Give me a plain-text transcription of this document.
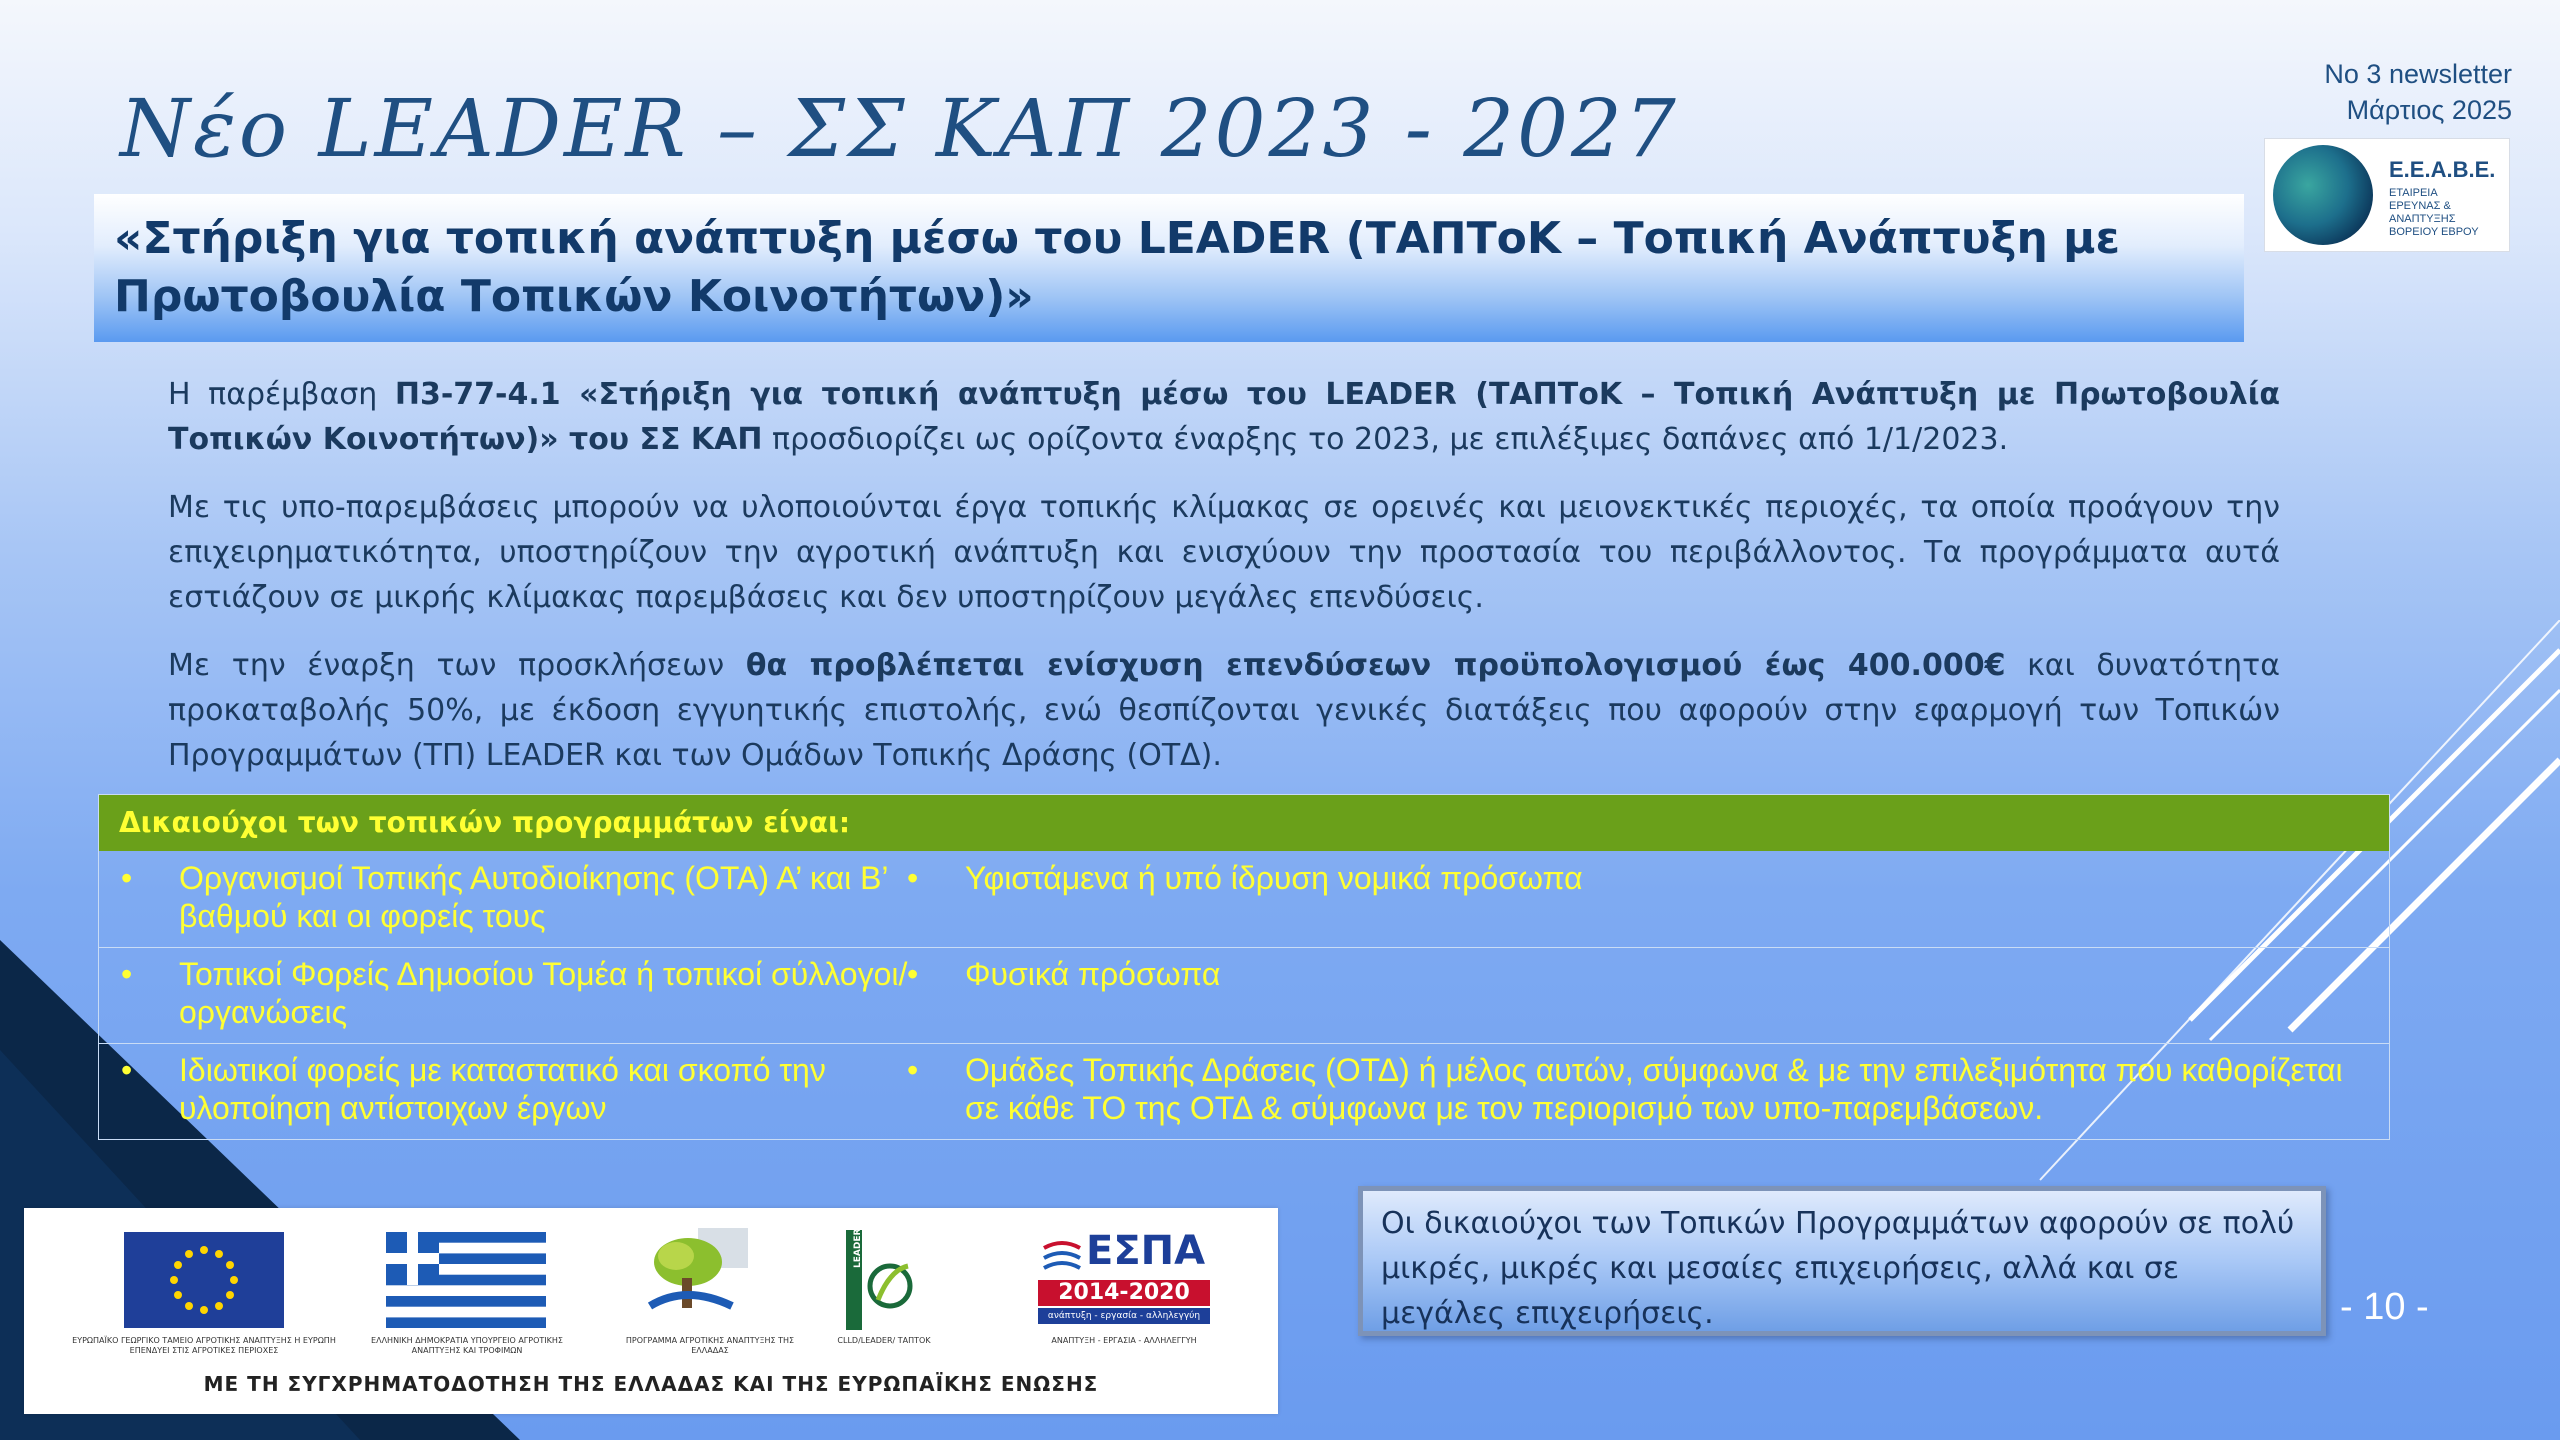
Νέο LEADER – ΣΣ ΚΑΠ 2023 - 2027
Νο 3 newsletter
Μάρτιος 2025
Ε.Ε.Α.Β.Ε.
ΕΤΑΙΡΕΙΑ
ΕΡΕΥΝΑΣ &
ΑΝΑΠΤΥΞΗΣ
ΒΟΡΕΙΟΥ ΕΒΡΟΥ

«Στήριξη για τοπική ανάπτυξη μέσω του LEADER (ΤΑΠΤοΚ – Τοπική Ανάπτυξη με Πρωτοβουλία Τοπικών Κοινοτήτων)»

Η παρέμβαση Π3-77-4.1 «Στήριξη για τοπική ανάπτυξη μέσω του LEADER (ΤΑΠΤοΚ – Τοπική Ανάπτυξη με Πρωτοβουλία Τοπικών Κοινοτήτων)» του ΣΣ ΚΑΠ προσδιορίζει ως ορίζοντα έναρξης το 2023, με επιλέξιμες δαπάνες από 1/1/2023.

Με τις υπο-παρεμβάσεις μπορούν να υλοποιούνται έργα τοπικής κλίμακας σε ορεινές και μειονεκτικές περιοχές, τα οποία προάγουν την επιχειρηματικότητα, υποστηρίζουν την αγροτική ανάπτυξη και ενισχύουν την προστασία του περιβάλλοντος. Τα προγράμματα αυτά εστιάζουν σε μικρής κλίμακας παρεμβάσεις και δεν υποστηρίζουν μεγάλες επενδύσεις.

Με την έναρξη των προσκλήσεων θα προβλέπεται ενίσχυση επενδύσεων προϋπολογισμού έως 400.000€ και δυνατότητα προκαταβολής 50%, με έκδοση εγγυητικής επιστολής, ενώ θεσπίζονται γενικές διατάξεις που αφορούν στην εφαρμογή των Τοπικών Προγραμμάτων (ΤΠ) LEADER και των Ομάδων Τοπικής Δράσης (ΟΤΔ).

Δικαιούχοι των τοπικών προγραμμάτων είναι:
• Οργανισμοί Τοπικής Αυτοδιοίκησης (ΟΤΑ) Α’ και Β’ βαθμού και οι φορείς τους
• Υφιστάμενα ή υπό ίδρυση νομικά πρόσωπα
• Τοπικοί Φορείς Δημοσίου Τομέα ή τοπικοί σύλλογοι/οργανώσεις
• Φυσικά πρόσωπα
• Ιδιωτικοί φορείς με καταστατικό και σκοπό την υλοποίηση αντίστοιχων έργων
• Ομάδες Τοπικής Δράσεις (ΟΤΔ) ή μέλος αυτών, σύμφωνα & με την επιλεξιμότητα που καθορίζεται σε κάθε ΤΟ της ΟΤΔ & σύμφωνα με τον περιορισμό των υπο-παρεμβάσεων.
Οι δικαιούχοι των Τοπικών Προγραμμάτων αφορούν σε πολύ μικρές, μικρές και μεσαίες επιχειρήσεις, αλλά και σε μεγάλες επιχειρήσεις.	- 10 -
ΕΥΡΩΠΑΪΚΟ ΓΕΩΡΓΙΚΟ ΤΑΜΕΙΟ ΑΓΡΟΤΙΚΗΣ ΑΝΑΠΤΥΞΗΣ Η ΕΥΡΩΠΗ ΕΠΕΝΔΥΕΙ ΣΤΙΣ ΑΓΡΟΤΙΚΕΣ ΠΕΡΙΟΧΕΣ
ΕΛΛΗΝΙΚΗ ΔΗΜΟΚΡΑΤΙΑ ΥΠΟΥΡΓΕΙΟ ΑΓΡΟΤΙΚΗΣ ΑΝΑΠΤΥΞΗΣ ΚΑΙ ΤΡΟΦΙΜΩΝ
ΠΡΟΓΡΑΜΜΑ ΑΓΡΟΤΙΚΗΣ ΑΝΑΠΤΥΞΗΣ ΤΗΣ ΕΛΛΑΔΑΣ
LEADER
CLLD/LEADER/ ΤΑΠΤΟΚ
ΕΣΠΑ
2014-2020
ανάπτυξη - εργασία - αλληλεγγύη
ΑΝΑΠΤΥΞΗ - ΕΡΓΑΣΙΑ - ΑΛΛΗΛΕΓΓΥΗ
ΜΕ ΤΗ ΣΥΓΧΡΗΜΑΤΟΔΟΤΗΣΗ ΤΗΣ ΕΛΛΑΔΑΣ ΚΑΙ ΤΗΣ ΕΥΡΩΠΑΪΚΗΣ ΕΝΩΣΗΣ
